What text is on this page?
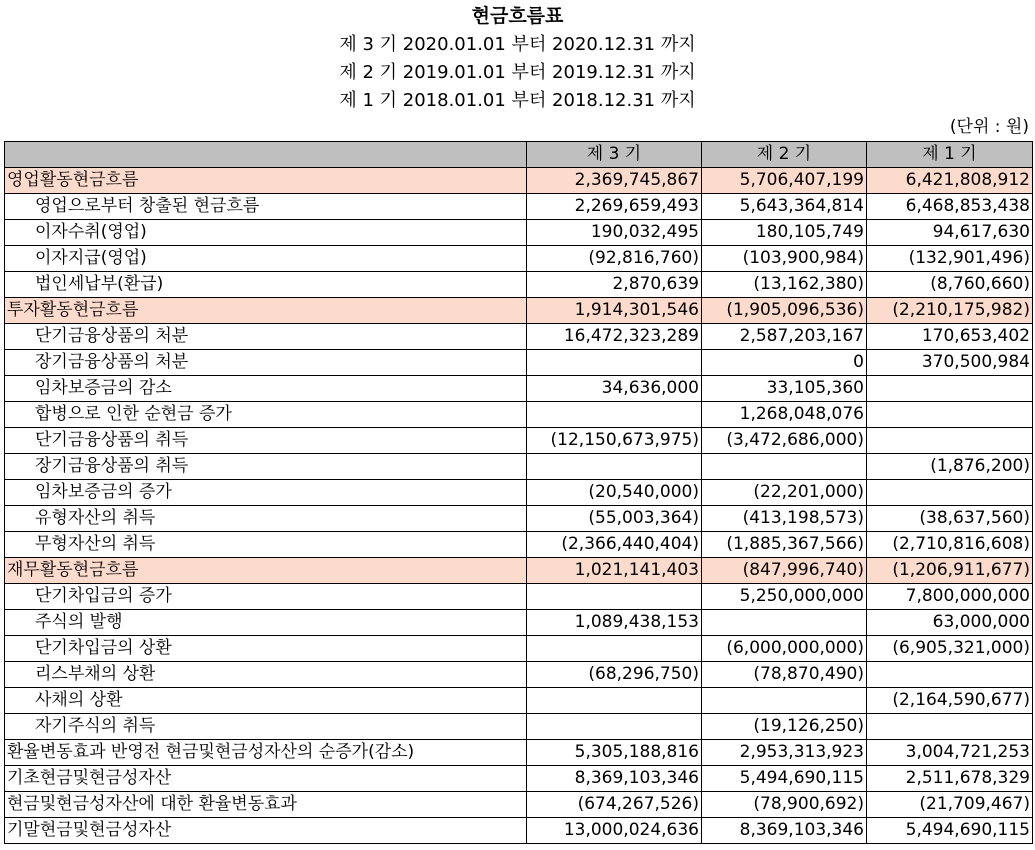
현금흐름표
제 3 기 2020.01.01 부터 2020.12.31 까지
제 2 기 2019.01.01 부터 2019.12.31 까지
제 1 기 2018.01.01 부터 2018.12.31 까지
(단위 : 원)
	제 3 기	제 2 기	제 1 기
영업활동현금흐름	2,369,745,867	5,706,407,199	6,421,808,912
영업으로부터 창출된 현금흐름	2,269,659,493	5,643,364,814	6,468,853,438
이자수취(영업)	190,032,495	180,105,749	94,617,630
이자지급(영업)	(92,816,760)	(103,900,984)	(132,901,496)
법인세납부(환급)	2,870,639	(13,162,380)	(8,760,660)
투자활동현금흐름	1,914,301,546	(1,905,096,536)	(2,210,175,982)
단기금융상품의 처분	16,472,323,289	2,587,203,167	170,653,402
장기금융상품의 처분		0	370,500,984
임차보증금의 감소	34,636,000	33,105,360	
합병으로 인한 순현금 증가		1,268,048,076	
단기금융상품의 취득	(12,150,673,975)	(3,472,686,000)	
장기금융상품의 취득			(1,876,200)
임차보증금의 증가	(20,540,000)	(22,201,000)	
유형자산의 취득	(55,003,364)	(413,198,573)	(38,637,560)
무형자산의 취득	(2,366,440,404)	(1,885,367,566)	(2,710,816,608)
재무활동현금흐름	1,021,141,403	(847,996,740)	(1,206,911,677)
단기차입금의 증가		5,250,000,000	7,800,000,000
주식의 발행	1,089,438,153		63,000,000
단기차입금의 상환		(6,000,000,000)	(6,905,321,000)
리스부채의 상환	(68,296,750)	(78,870,490)	
사채의 상환			(2,164,590,677)
자기주식의 취득		(19,126,250)	
환율변동효과 반영전 현금및현금성자산의 순증가(감소)	5,305,188,816	2,953,313,923	3,004,721,253
기초현금및현금성자산	8,369,103,346	5,494,690,115	2,511,678,329
현금및현금성자산에 대한 환율변동효과	(674,267,526)	(78,900,692)	(21,709,467)
기말현금및현금성자산	13,000,024,636	8,369,103,346	5,494,690,115
